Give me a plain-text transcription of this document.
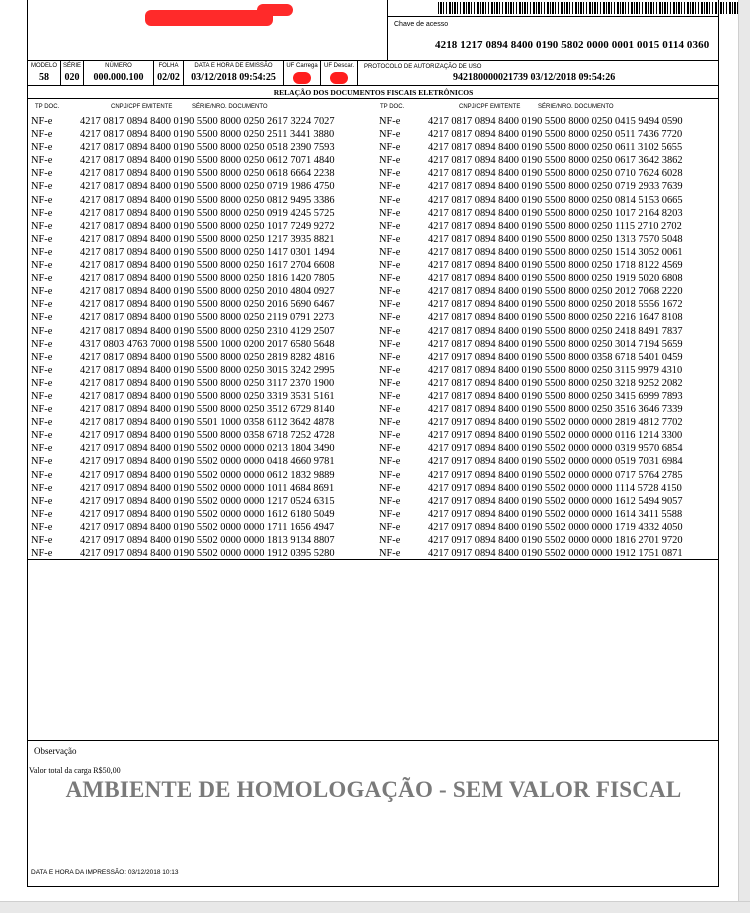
Chave de acesso
4218 1217 0894 8400 0190 5802 0000 0001 0015 0114 0360
MODELO
58
SÉRIE
020
NÚMERO
000.000.100
FOLHA
02/02
DATA E HORA DE EMISSÃO
03/12/2018 09:54:25
UF Carrega	UF Descar.	PROTOCOLO DE AUTORIZAÇÃO DE USO
942180000021739 03/12/2018 09:54:26
RELAÇÃO DOS DOCUMENTOS FISCAIS ELETRÔNICOS
TP DOC.	CNPJ/CPF EMITENTE	SÉRIE/NRO. DOCUMENTO	TP DOC.	CNPJ/CPF EMITENTE	SÉRIE/NRO. DOCUMENTO
NF-e	4217 0817 0894 8400 0190 5500 8000 0250 2617 3224 7027
NF-e	4217 0817 0894 8400 0190 5500 8000 0250 2511 3441 3880
NF-e	4217 0817 0894 8400 0190 5500 8000 0250 0518 2390 7593
NF-e	4217 0817 0894 8400 0190 5500 8000 0250 0612 7071 4840
NF-e	4217 0817 0894 8400 0190 5500 8000 0250 0618 6664 2238
NF-e	4217 0817 0894 8400 0190 5500 8000 0250 0719 1986 4750
NF-e	4217 0817 0894 8400 0190 5500 8000 0250 0812 9495 3386
NF-e	4217 0817 0894 8400 0190 5500 8000 0250 0919 4245 5725
NF-e	4217 0817 0894 8400 0190 5500 8000 0250 1017 7249 9272
NF-e	4217 0817 0894 8400 0190 5500 8000 0250 1217 3935 8821
NF-e	4217 0817 0894 8400 0190 5500 8000 0250 1417 0301 1494
NF-e	4217 0817 0894 8400 0190 5500 8000 0250 1617 2704 6608
NF-e	4217 0817 0894 8400 0190 5500 8000 0250 1816 1420 7805
NF-e	4217 0817 0894 8400 0190 5500 8000 0250 2010 4804 0927
NF-e	4217 0817 0894 8400 0190 5500 8000 0250 2016 5690 6467
NF-e	4217 0817 0894 8400 0190 5500 8000 0250 2119 0791 2273
NF-e	4217 0817 0894 8400 0190 5500 8000 0250 2310 4129 2507
NF-e	4317 0803 4763 7000 0198 5500 1000 0200 2017 6580 5648
NF-e	4217 0817 0894 8400 0190 5500 8000 0250 2819 8282 4816
NF-e	4217 0817 0894 8400 0190 5500 8000 0250 3015 3242 2995
NF-e	4217 0817 0894 8400 0190 5500 8000 0250 3117 2370 1900
NF-e	4217 0817 0894 8400 0190 5500 8000 0250 3319 3531 5161
NF-e	4217 0817 0894 8400 0190 5500 8000 0250 3512 6729 8140
NF-e	4217 0817 0894 8400 0190 5501 1000 0358 6112 3642 4878
NF-e	4217 0917 0894 8400 0190 5500 8000 0358 6718 7252 4728
NF-e	4217 0917 0894 8400 0190 5502 0000 0000 0213 1804 3490
NF-e	4217 0917 0894 8400 0190 5502 0000 0000 0418 4660 9781
NF-e	4217 0917 0894 8400 0190 5502 0000 0000 0612 1832 9889
NF-e	4217 0917 0894 8400 0190 5502 0000 0000 1011 4684 8691
NF-e	4217 0917 0894 8400 0190 5502 0000 0000 1217 0524 6315
NF-e	4217 0917 0894 8400 0190 5502 0000 0000 1612 6180 5049
NF-e	4217 0917 0894 8400 0190 5502 0000 0000 1711 1656 4947
NF-e	4217 0917 0894 8400 0190 5502 0000 0000 1813 9134 8807
NF-e	4217 0917 0894 8400 0190 5502 0000 0000 1912 0395 5280
NF-e	4217 0817 0894 8400 0190 5500 8000 0250 0415 9494 0590
NF-e	4217 0817 0894 8400 0190 5500 8000 0250 0511 7436 7720
NF-e	4217 0817 0894 8400 0190 5500 8000 0250 0611 3102 5655
NF-e	4217 0817 0894 8400 0190 5500 8000 0250 0617 3642 3862
NF-e	4217 0817 0894 8400 0190 5500 8000 0250 0710 7624 6028
NF-e	4217 0817 0894 8400 0190 5500 8000 0250 0719 2933 7639
NF-e	4217 0817 0894 8400 0190 5500 8000 0250 0814 5153 0665
NF-e	4217 0817 0894 8400 0190 5500 8000 0250 1017 2164 8203
NF-e	4217 0817 0894 8400 0190 5500 8000 0250 1115 2710 2702
NF-e	4217 0817 0894 8400 0190 5500 8000 0250 1313 7570 5048
NF-e	4217 0817 0894 8400 0190 5500 8000 0250 1514 3052 0061
NF-e	4217 0817 0894 8400 0190 5500 8000 0250 1718 8122 4569
NF-e	4217 0817 0894 8400 0190 5500 8000 0250 1919 5020 6808
NF-e	4217 0817 0894 8400 0190 5500 8000 0250 2012 7068 2220
NF-e	4217 0817 0894 8400 0190 5500 8000 0250 2018 5556 1672
NF-e	4217 0817 0894 8400 0190 5500 8000 0250 2216 1647 8108
NF-e	4217 0817 0894 8400 0190 5500 8000 0250 2418 8491 7837
NF-e	4217 0817 0894 8400 0190 5500 8000 0250 3014 7194 5659
NF-e	4217 0917 0894 8400 0190 5500 8000 0358 6718 5401 0459
NF-e	4217 0817 0894 8400 0190 5500 8000 0250 3115 9979 4310
NF-e	4217 0817 0894 8400 0190 5500 8000 0250 3218 9252 2082
NF-e	4217 0817 0894 8400 0190 5500 8000 0250 3415 6999 7893
NF-e	4217 0817 0894 8400 0190 5500 8000 0250 3516 3646 7339
NF-e	4217 0917 0894 8400 0190 5502 0000 0000 2819 4812 7702
NF-e	4217 0917 0894 8400 0190 5502 0000 0000 0116 1214 3300
NF-e	4217 0917 0894 8400 0190 5502 0000 0000 0319 9570 6854
NF-e	4217 0917 0894 8400 0190 5502 0000 0000 0519 7031 6984
NF-e	4217 0917 0894 8400 0190 5502 0000 0000 0717 5764 2785
NF-e	4217 0917 0894 8400 0190 5502 0000 0000 1114 5728 4150
NF-e	4217 0917 0894 8400 0190 5502 0000 0000 1612 5494 9057
NF-e	4217 0917 0894 8400 0190 5502 0000 0000 1614 3411 5588
NF-e	4217 0917 0894 8400 0190 5502 0000 0000 1719 4332 4050
NF-e	4217 0917 0894 8400 0190 5502 0000 0000 1816 2701 9720
NF-e	4217 0917 0894 8400 0190 5502 0000 0000 1912 1751 0871
Observação
Valor total da carga R$50,00
AMBIENTE DE HOMOLOGAÇÃO - SEM VALOR FISCAL
DATA E HORA DA IMPRESSÃO: 03/12/2018 10:13
